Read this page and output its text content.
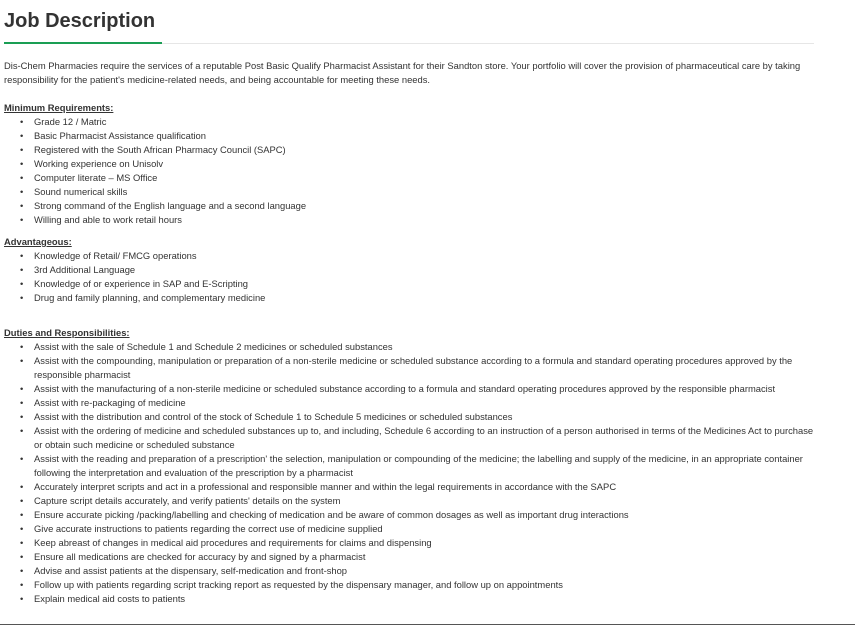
Job Description

Dis-Chem Pharmacies require the services of a reputable Post Basic Qualify Pharmacist Assistant for their Sandton store. Your portfolio will cover the provision of pharmaceutical care by taking responsibility for the patient's medicine-related needs, and being accountable for meeting these needs.

Minimum Requirements:

• Grade 12 / Matric
• Basic Pharmacist Assistance qualification
• Registered with the South African Pharmacy Council (SAPC)
• Working experience on Unisolv
• Computer literate – MS Office
• Sound numerical skills
• Strong command of the English language and a second language
• Willing and able to work retail hours

Advantageous:

• Knowledge of Retail/ FMCG operations
• 3rd Additional Language
• Knowledge of or experience in SAP and E-Scripting
• Drug and family planning, and complementary medicine

Duties and Responsibilities:

• Assist with the sale of Schedule 1 and Schedule 2 medicines or scheduled substances
• Assist with the compounding, manipulation or preparation of a non-sterile medicine or scheduled substance according to a formula and standard operating procedures approved by the responsible pharmacist
• Assist with the manufacturing of a non-sterile medicine or scheduled substance according to a formula and standard operating procedures approved by the responsible pharmacist
• Assist with re-packaging of medicine
• Assist with the distribution and control of the stock of Schedule 1 to Schedule 5 medicines or scheduled substances
• Assist with the ordering of medicine and scheduled substances up to, and including, Schedule 6 according to an instruction of a person authorised in terms of the Medicines Act to purchase or obtain such medicine or scheduled substance
• Assist with the reading and preparation of a prescription' the selection, manipulation or compounding of the medicine; the labelling and supply of the medicine, in an appropriate container following the interpretation and evaluation of the prescription by a pharmacist
• Accurately interpret scripts and act in a professional and responsible manner and within the legal requirements in accordance with the SAPC
• Capture script details accurately, and verify patients' details on the system
• Ensure accurate picking /packing/labelling and checking of medication and be aware of common dosages as well as important drug interactions
• Give accurate instructions to patients regarding the correct use of medicine supplied
• Keep abreast of changes in medical aid procedures and requirements for claims and dispensing
• Ensure all medications are checked for accuracy by and signed by a pharmacist
• Advise and assist patients at the dispensary, self-medication and front-shop
• Follow up with patients regarding script tracking report as requested by the dispensary manager, and follow up on appointments
• Explain medical aid costs to patients
